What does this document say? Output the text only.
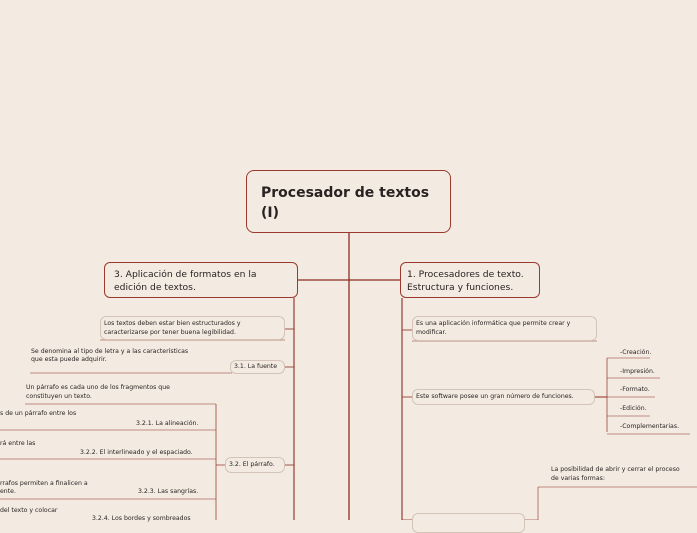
Procesador de textos
(I)
3. Aplicación de formatos en la
edición de textos.
1. Procesadores de texto.
Estructura y funciones.
Los textos deben estar bien estructurados y
caracterizarse por tener buena legibilidad.
Se denomina al tipo de letra y a las características
que esta puede adquirir.
3.1. La fuente
Un párrafo es cada uno de los fragmentos que
constituyen un texto.
3.2. El párrafo.
s de un párrafo entre los
3.2.1. La alineación.
rá entre las
3.2.2. El interlineado y el espaciado.
rrafos permiten a finalicen a
ente.	3.2.3. Las sangrías.
del texto y colocar
3.2.4. Los bordes y sombreados
Es una aplicación informática que permite crear y
modificar.
Este software posee un gran número de funciones.
-Creación.
-Impresión.
-Formato.
-Edición.
-Complementarias.
La posibilidad de abrir y cerrar el proceso
de varias formas:
